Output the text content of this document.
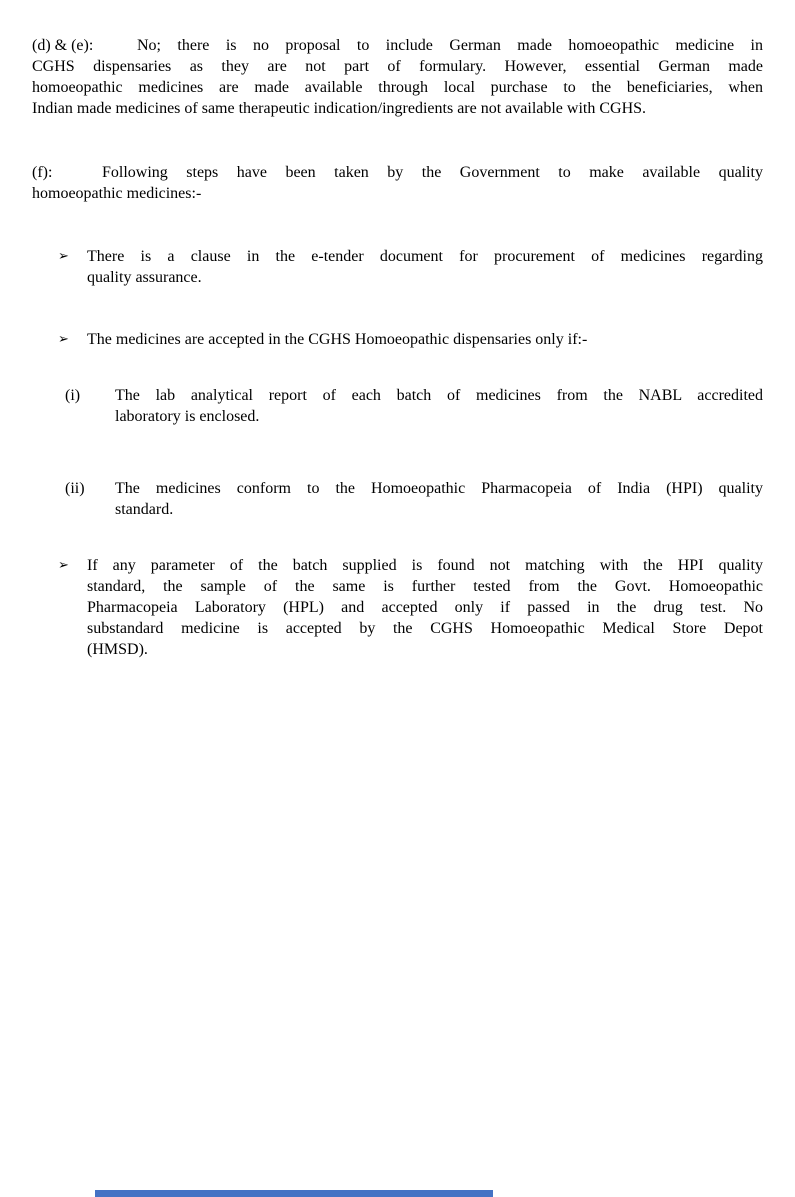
(d) & (e):	No; there is no proposal to include German made homoeopathic medicine in
CGHS dispensaries as they are not part of formulary. However, essential German made
homoeopathic medicines are made available through local purchase to the beneficiaries, when
Indian made medicines of same therapeutic indication/ingredients are not available with CGHS.
(f):	Following steps have been taken by the Government to make available quality
homoeopathic medicines:-
➢ There is a clause in the e-tender document for procurement of medicines regarding
quality assurance.
➢ The medicines are accepted in the CGHS Homoeopathic dispensaries only if:-
(i) The lab analytical report of each batch of medicines from the NABL accredited
laboratory is enclosed.
(ii) The medicines conform to the Homoeopathic Pharmacopeia of India (HPI) quality
standard.
➢ If any parameter of the batch supplied is found not matching with the HPI quality
standard, the sample of the same is further tested from the Govt. Homoeopathic
Pharmacopeia Laboratory (HPL) and accepted only if passed in the drug test. No
substandard medicine is accepted by the CGHS Homoeopathic Medical Store Depot
(HMSD).
